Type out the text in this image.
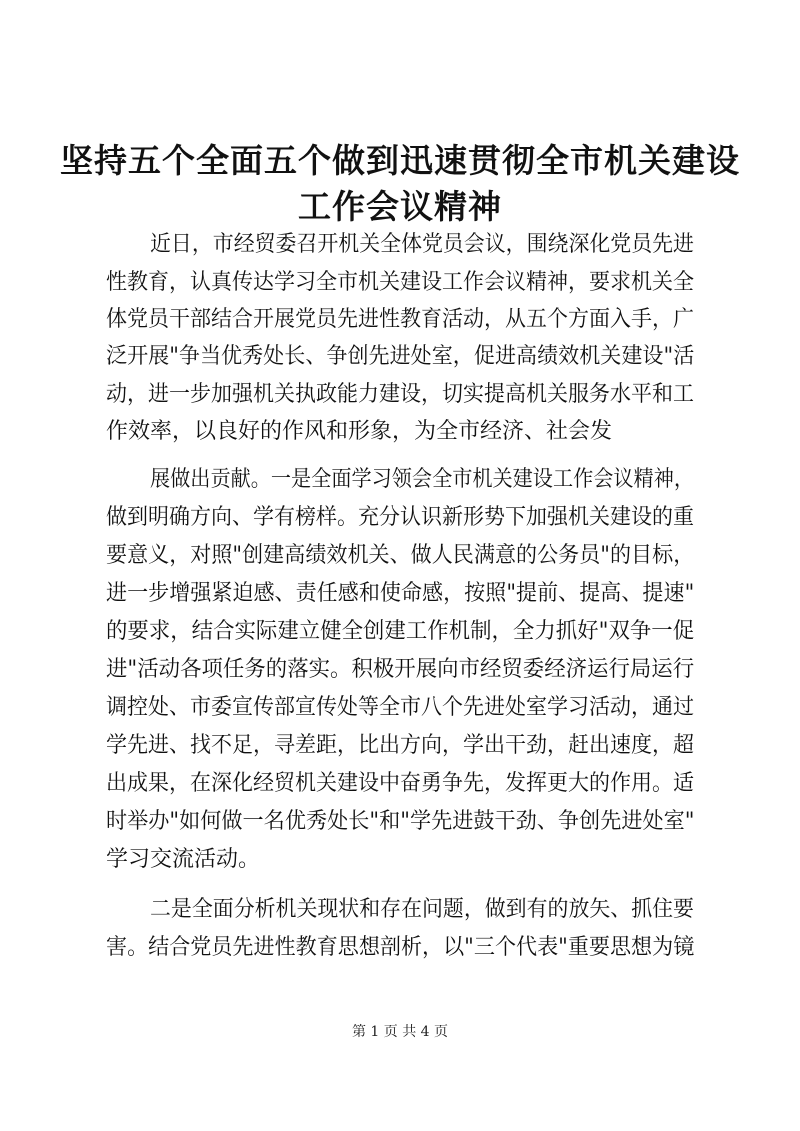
坚持五个全面五个做到迅速贯彻全市机关建设
工作会议精神

近日，市经贸委召开机关全体党员会议，围绕深化党员先进

性教育，认真传达学习全市机关建设工作会议精神，要求机关全

体党员干部结合开展党员先进性教育活动，从五个方面入手，广

泛开展"争当优秀处长、争创先进处室，促进高绩效机关建设"活

动，进一步加强机关执政能力建设，切实提高机关服务水平和工

作效率，以良好的作风和形象，为全市经济、社会发

展做出贡献。一是全面学习领会全市机关建设工作会议精神，

做到明确方向、学有榜样。充分认识新形势下加强机关建设的重

要意义，对照"创建高绩效机关、做人民满意的公务员"的目标，

进一步增强紧迫感、责任感和使命感，按照"提前、提高、提速"

的要求，结合实际建立健全创建工作机制，全力抓好"双争一促

进"活动各项任务的落实。积极开展向市经贸委经济运行局运行

调控处、市委宣传部宣传处等全市八个先进处室学习活动，通过

学先进、找不足，寻差距，比出方向，学出干劲，赶出速度，超

出成果，在深化经贸机关建设中奋勇争先，发挥更大的作用。适

时举办"如何做一名优秀处长"和"学先进鼓干劲、争创先进处室"

学习交流活动。

二是全面分析机关现状和存在问题，做到有的放矢、抓住要

害。结合党员先进性教育思想剖析，以"三个代表"重要思想为镜

第 1 页 共 4 页
